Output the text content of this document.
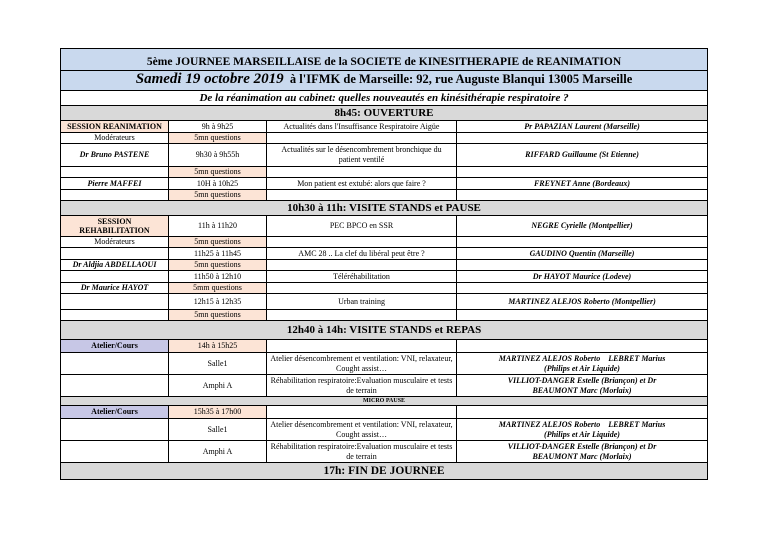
5ème JOURNEE MARSEILLAISE de la SOCIETE de KINESITHERAPIE de REANIMATION			
Samedi 19 octobre 2019 à l'IFMK de Marseille: 92, rue Auguste Blanqui 13005 Marseille			
De la réanimation au cabinet: quelles nouveautés en kinésithérapie respiratoire ?			
8h45: OUVERTURE			
SESSION REANIMATION	9h à 9h25	Actualités dans l'Insuffisance Respiratoire Aigüe	Pr PAPAZIAN Laurent (Marseille)
Modérateurs	5mn questions		
Dr Bruno PASTENE	9h30 à 9h55h	Actualités sur le désencombrement bronchique du patient ventilé	RIFFARD Guillaume (St Etienne)
	5mn questions		
Pierre MAFFEI	10H à 10h25	Mon patient est extubé: alors que faire ?	FREYNET Anne (Bordeaux)
	5mn questions		
10h30 à 11h: VISITE STANDS et PAUSE			
SESSION REHABILITATION	11h à 11h20	PEC BPCO en SSR	NEGRE Cyrielle (Montpellier)
Modérateurs	5mn questions		
	11h25 à 11h45	AMC 28 .. La clef du libéral peut être ?	GAUDINO Quentin (Marseille)
Dr Aldjia ABDELLAOUI	5mn questions		
	11h50 à 12h10	Téléréhabilitation	Dr HAYOT Maurice (Lodeve)
Dr Maurice HAYOT	5mm questions		
	12h15 à 12h35	Urban training	MARTINEZ ALEJOS Roberto (Montpellier)
	5mn questions		
12h40 à 14h: VISITE STANDS et REPAS			
Atelier/Cours	14h à 15h25		
	Salle1	Atelier désencombrement et ventilation: VNI, relaxateur, Cought assist…	MARTINEZ ALEJOS Roberto LEBRET Marius
(Philips et Air Liquide)
	Amphi A	Réhabilitation respiratoire:Evaluation musculaire et tests de terrain	VILLIOT-DANGER Estelle (Briançon) et Dr
BEAUMONT Marc (Morlaix)
MICRO PAUSE			
Atelier/Cours	15h35 à 17h00		
	Salle1	Atelier désencombrement et ventilation: VNI, relaxateur, Cought assist…	MARTINEZ ALEJOS Roberto LEBRET Marius
(Philips et Air Liquide)
	Amphi A	Réhabilitation respiratoire:Evaluation musculaire et tests de terrain	VILLIOT-DANGER Estelle (Briançon) et Dr
BEAUMONT Marc (Morlaix)
17h: FIN DE JOURNEE			
